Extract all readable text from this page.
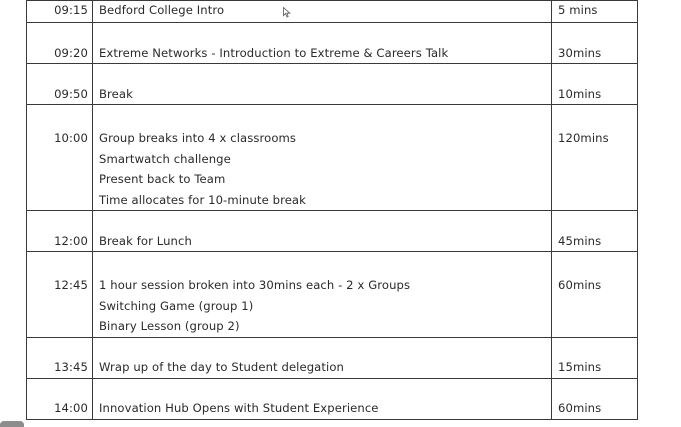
09:15	Bedford College Intro	5 mins
09:20	Extreme Networks - Introduction to Extreme & Careers Talk	30mins
09:50	Break	10mins
10:00	Group breaks into 4 x classrooms
Smartwatch challenge
Present back to Team
Time allocates for 10-minute break	120mins
12:00	Break for Lunch	45mins
12:45	1 hour session broken into 30mins each - 2 x Groups
Switching Game (group 1)
Binary Lesson (group 2)	60mins
13:45	Wrap up of the day to Student delegation	15mins
14:00	Innovation Hub Opens with Student Experience	60mins
